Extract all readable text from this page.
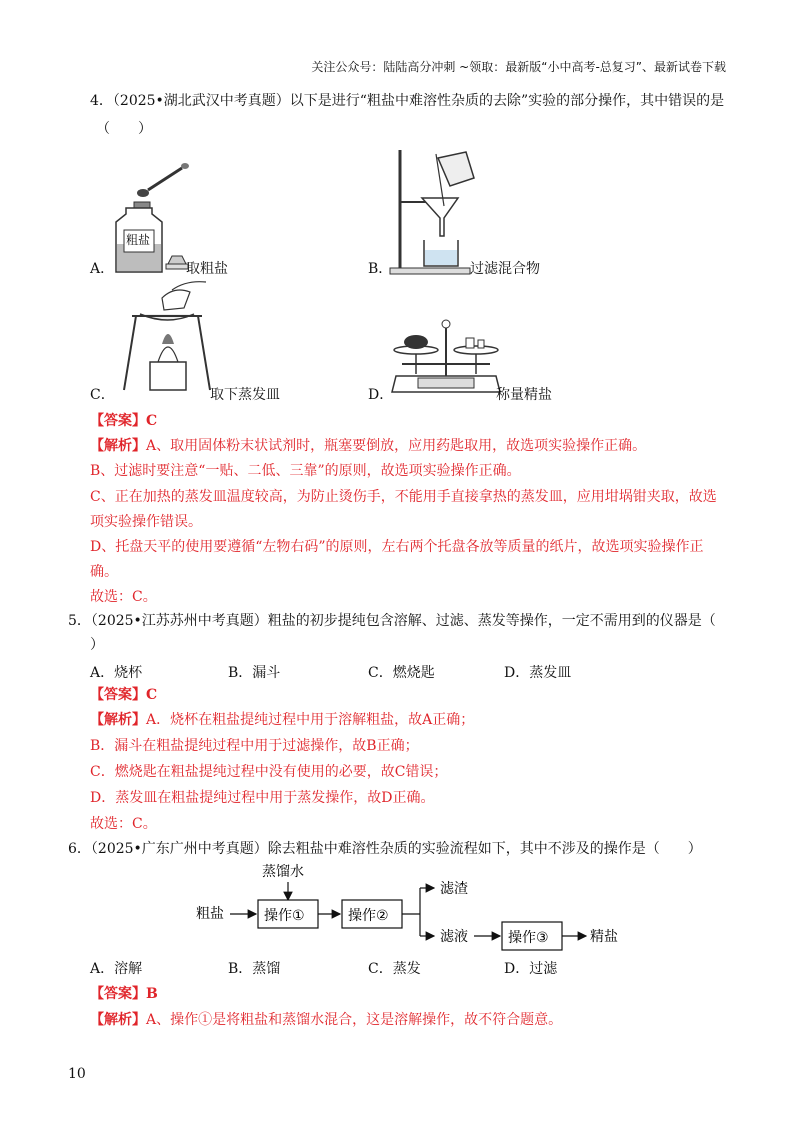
关注公众号：陆陆高分冲刺 ~领取：最新版“小中高考-总复习”、最新试卷下载
4．（2025•湖北武汉中考真题）以下是进行“粗盐中难溶性杂质的去除”实验的部分操作，其中错误的是
（　　）
粗盐
A．	取粗盐	B．	过滤混合物
C．	取下蒸发皿	D．	称量精盐
【答案】C
【解析】A、取用固体粉末状试剂时，瓶塞要倒放，应用药匙取用，故选项实验操作正确。
B、过滤时要注意“一贴、二低、三靠”的原则，故选项实验操作正确。
C、正在加热的蒸发皿温度较高，为防止烫伤手，不能用手直接拿热的蒸发皿，应用坩埚钳夹取，故选
项实验操作错误。
D、托盘天平的使用要遵循“左物右码”的原则，左右两个托盘各放等质量的纸片，故选项实验操作正
确。
故选：C。
5．（2025•江苏苏州中考真题）粗盐的初步提纯包含溶解、过滤、蒸发等操作，一定不需用到的仪器是（
）
A．烧杯	B．漏斗	C．燃烧匙	D．蒸发皿
【答案】C
【解析】A．烧杯在粗盐提纯过程中用于溶解粗盐，故A正确；
B．漏斗在粗盐提纯过程中用于过滤操作，故B正确；
C．燃烧匙在粗盐提纯过程中没有使用的必要，故C错误；
D．蒸发皿在粗盐提纯过程中用于蒸发操作，故D正确。
故选：C。
6．（2025•广东广州中考真题）除去粗盐中难溶性杂质的实验流程如下，其中不涉及的操作是（　　）
粗盐
蒸馏水
操作①	操作②
滤渣
滤液	操作③	精盐
A．溶解	B．蒸馏	C．蒸发	D．过滤
【答案】B
【解析】A、操作①是将粗盐和蒸馏水混合，这是溶解操作，故不符合题意。
10
